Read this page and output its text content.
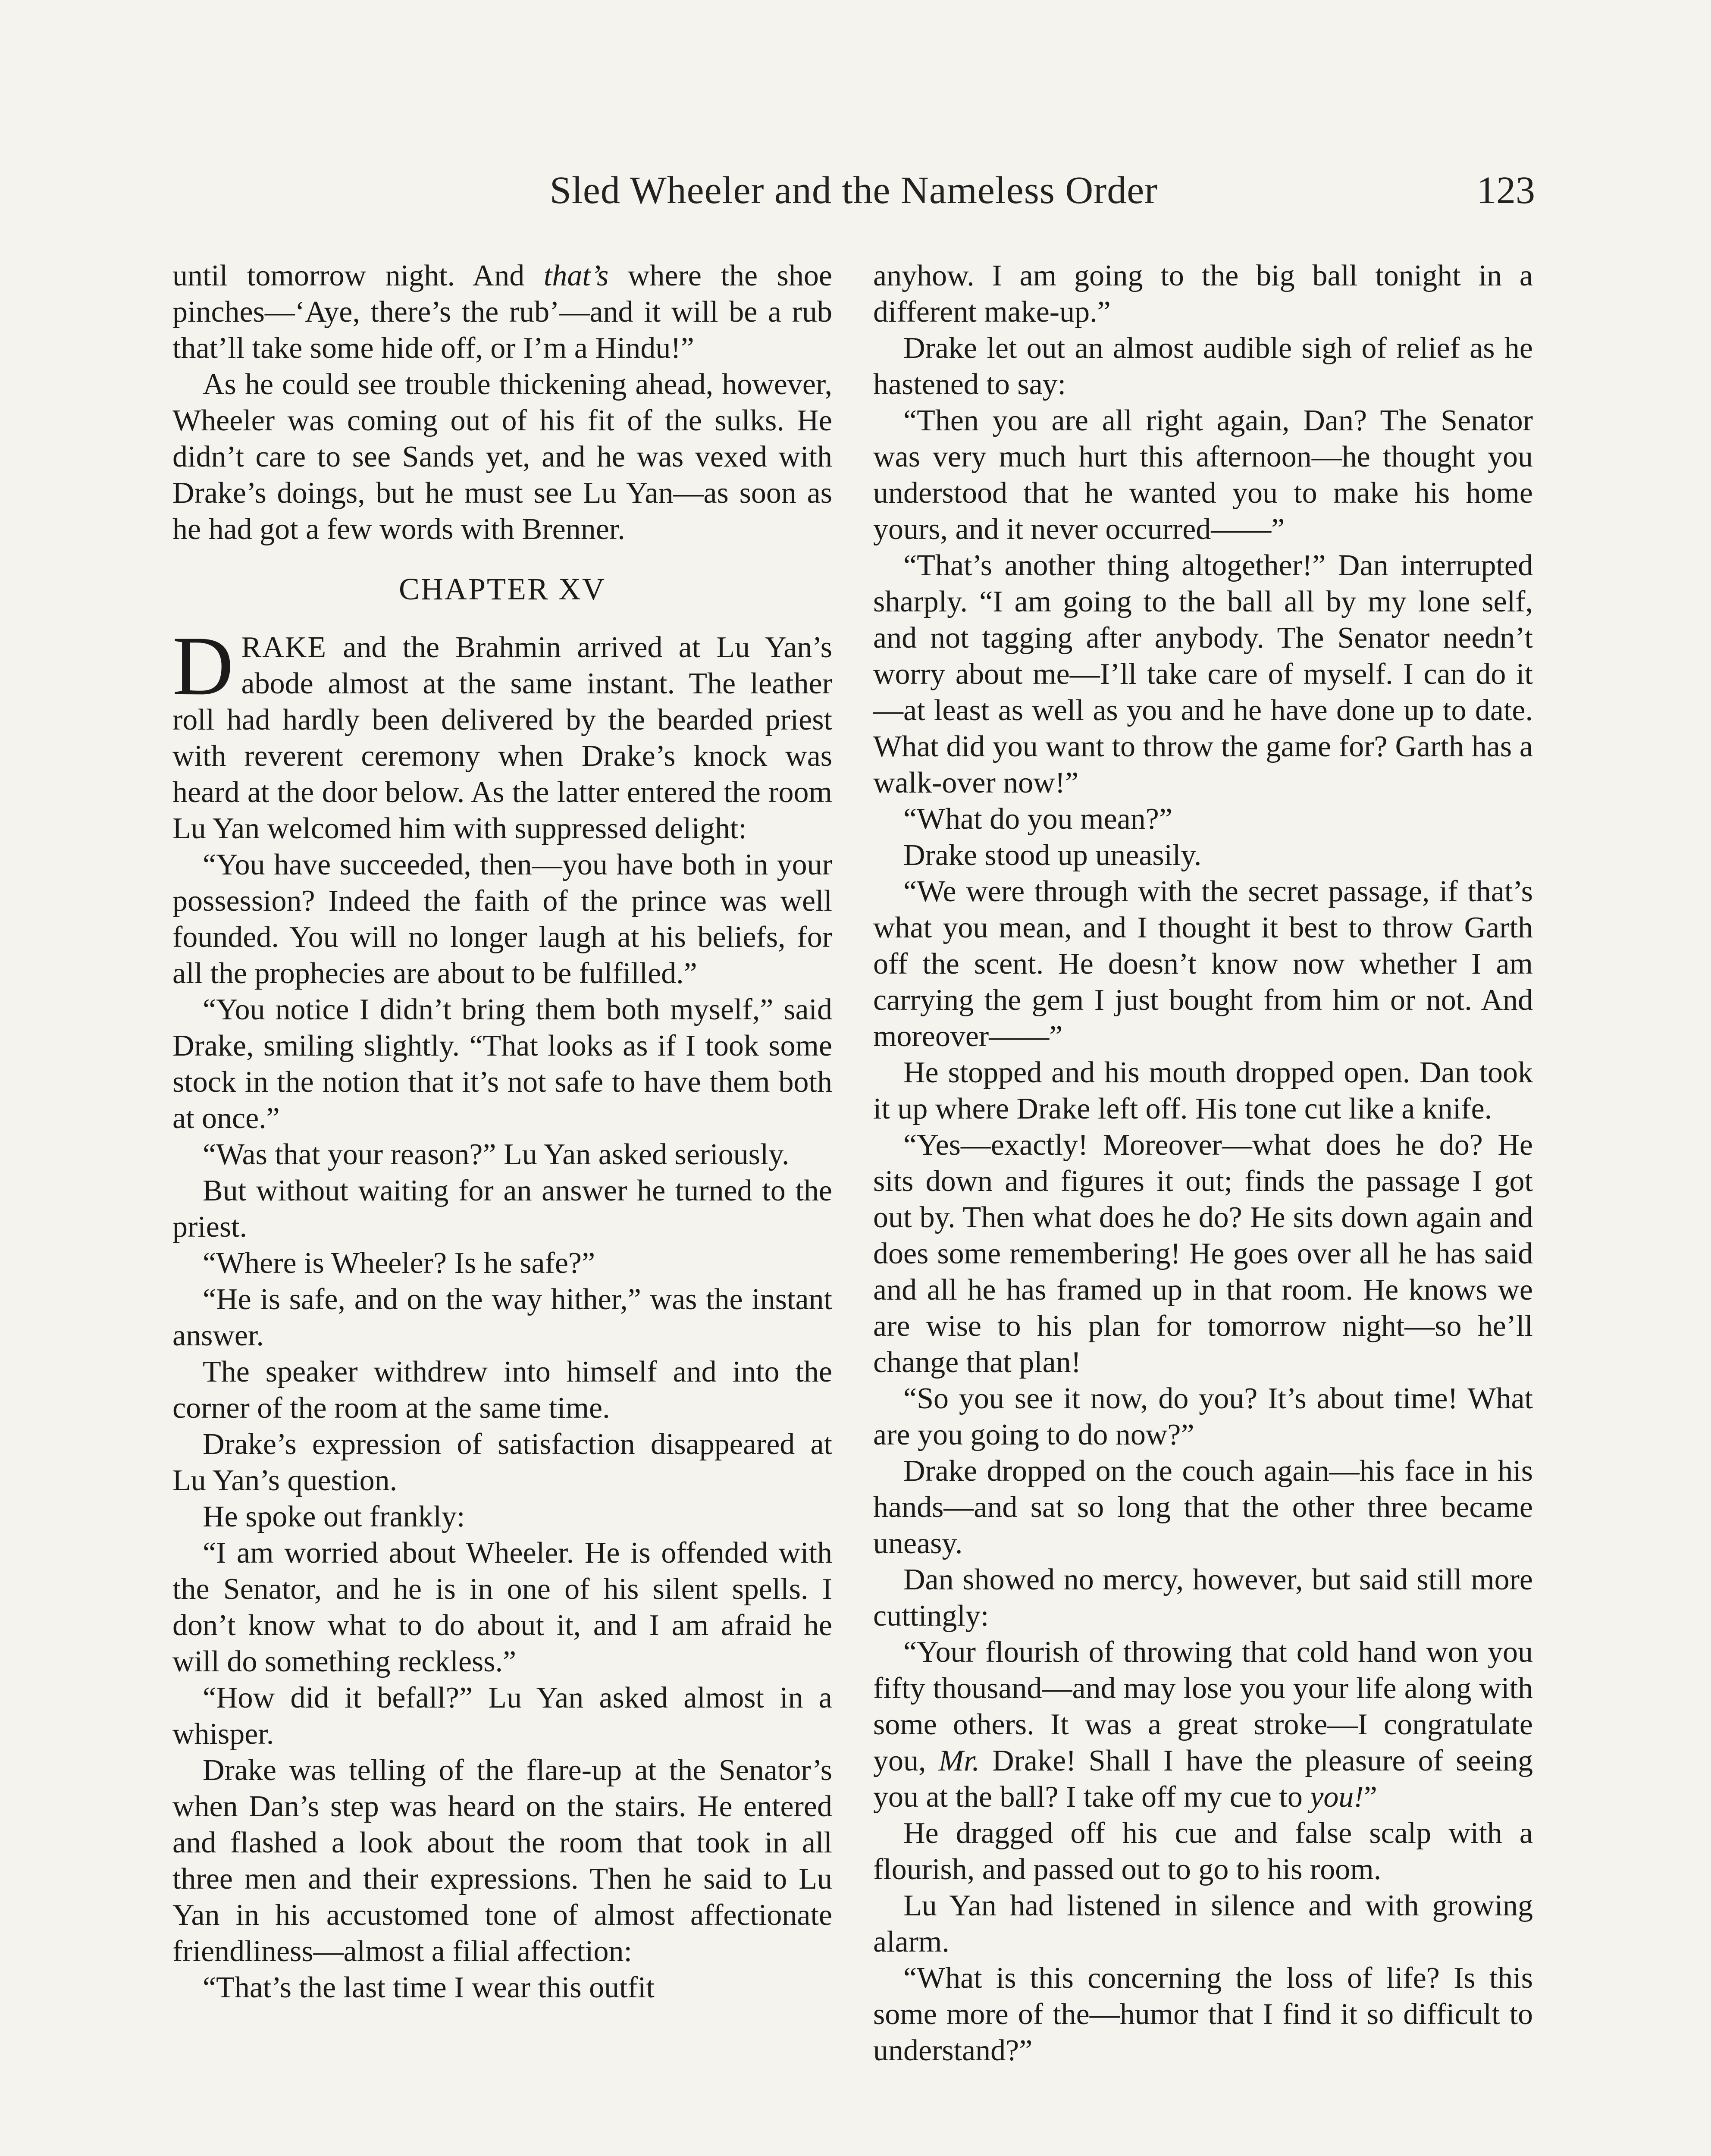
Sled Wheeler and the Nameless Order	123

until tomorrow night. And that’s where the shoe pinches—‘Aye, there’s the rub’—and it will be a rub that’ll take some hide off, or I’m a Hindu!”

As he could see trouble thickening ahead, however, Wheeler was coming out of his fit of the sulks. He didn’t care to see Sands yet, and he was vexed with Drake’s doings, but he must see Lu Yan—as soon as he had got a few words with Brenner.

CHAPTER XV

DRAKE and the Brahmin arrived at Lu Yan’s abode almost at the same instant. The leather roll had hardly been delivered by the bearded priest with reverent ceremony when Drake’s knock was heard at the door below. As the latter entered the room Lu Yan welcomed him with suppressed delight:

“You have succeeded, then—you have both in your possession? Indeed the faith of the prince was well founded. You will no longer laugh at his beliefs, for all the prophecies are about to be fulfilled.”

“You notice I didn’t bring them both myself,” said Drake, smiling slightly. “That looks as if I took some stock in the notion that it’s not safe to have them both at once.”

“Was that your reason?” Lu Yan asked seriously.

But without waiting for an answer he turned to the priest.

“Where is Wheeler? Is he safe?”

“He is safe, and on the way hither,” was the instant answer.

The speaker withdrew into himself and into the corner of the room at the same time.

Drake’s expression of satisfaction disappeared at Lu Yan’s question.

He spoke out frankly:

“I am worried about Wheeler. He is offended with the Senator, and he is in one of his silent spells. I don’t know what to do about it, and I am afraid he will do something reckless.”

“How did it befall?” Lu Yan asked almost in a whisper.

Drake was telling of the flare-up at the Senator’s when Dan’s step was heard on the stairs. He entered and flashed a look about the room that took in all three men and their expressions. Then he said to Lu Yan in his accustomed tone of almost affectionate friendliness—almost a filial affection:

“That’s the last time I wear this outfit

anyhow. I am going to the big ball tonight in a different make-up.”

Drake let out an almost audible sigh of relief as he hastened to say:

“Then you are all right again, Dan? The Senator was very much hurt this afternoon—he thought you understood that he wanted you to make his home yours, and it never occurred——”

“That’s another thing altogether!” Dan interrupted sharply. “I am going to the ball all by my lone self, and not tagging after anybody. The Senator needn’t worry about me—I’ll take care of myself. I can do it—at least as well as you and he have done up to date. What did you want to throw the game for? Garth has a walk-over now!”

“What do you mean?”

Drake stood up uneasily.

“We were through with the secret passage, if that’s what you mean, and I thought it best to throw Garth off the scent. He doesn’t know now whether I am carrying the gem I just bought from him or not. And moreover——”

He stopped and his mouth dropped open. Dan took it up where Drake left off. His tone cut like a knife.

“Yes—exactly! Moreover—what does he do? He sits down and figures it out; finds the passage I got out by. Then what does he do? He sits down again and does some remembering! He goes over all he has said and all he has framed up in that room. He knows we are wise to his plan for tomorrow night—so he’ll change that plan!

“So you see it now, do you? It’s about time! What are you going to do now?”

Drake dropped on the couch again—his face in his hands—and sat so long that the other three became uneasy.

Dan showed no mercy, however, but said still more cuttingly:

“Your flourish of throwing that cold hand won you fifty thousand—and may lose you your life along with some others. It was a great stroke—I congratulate you, Mr. Drake! Shall I have the pleasure of seeing you at the ball? I take off my cue to you!”

He dragged off his cue and false scalp with a flourish, and passed out to go to his room.

Lu Yan had listened in silence and with growing alarm.

“What is this concerning the loss of life? Is this some more of the—humor that I find it so difficult to understand?”
